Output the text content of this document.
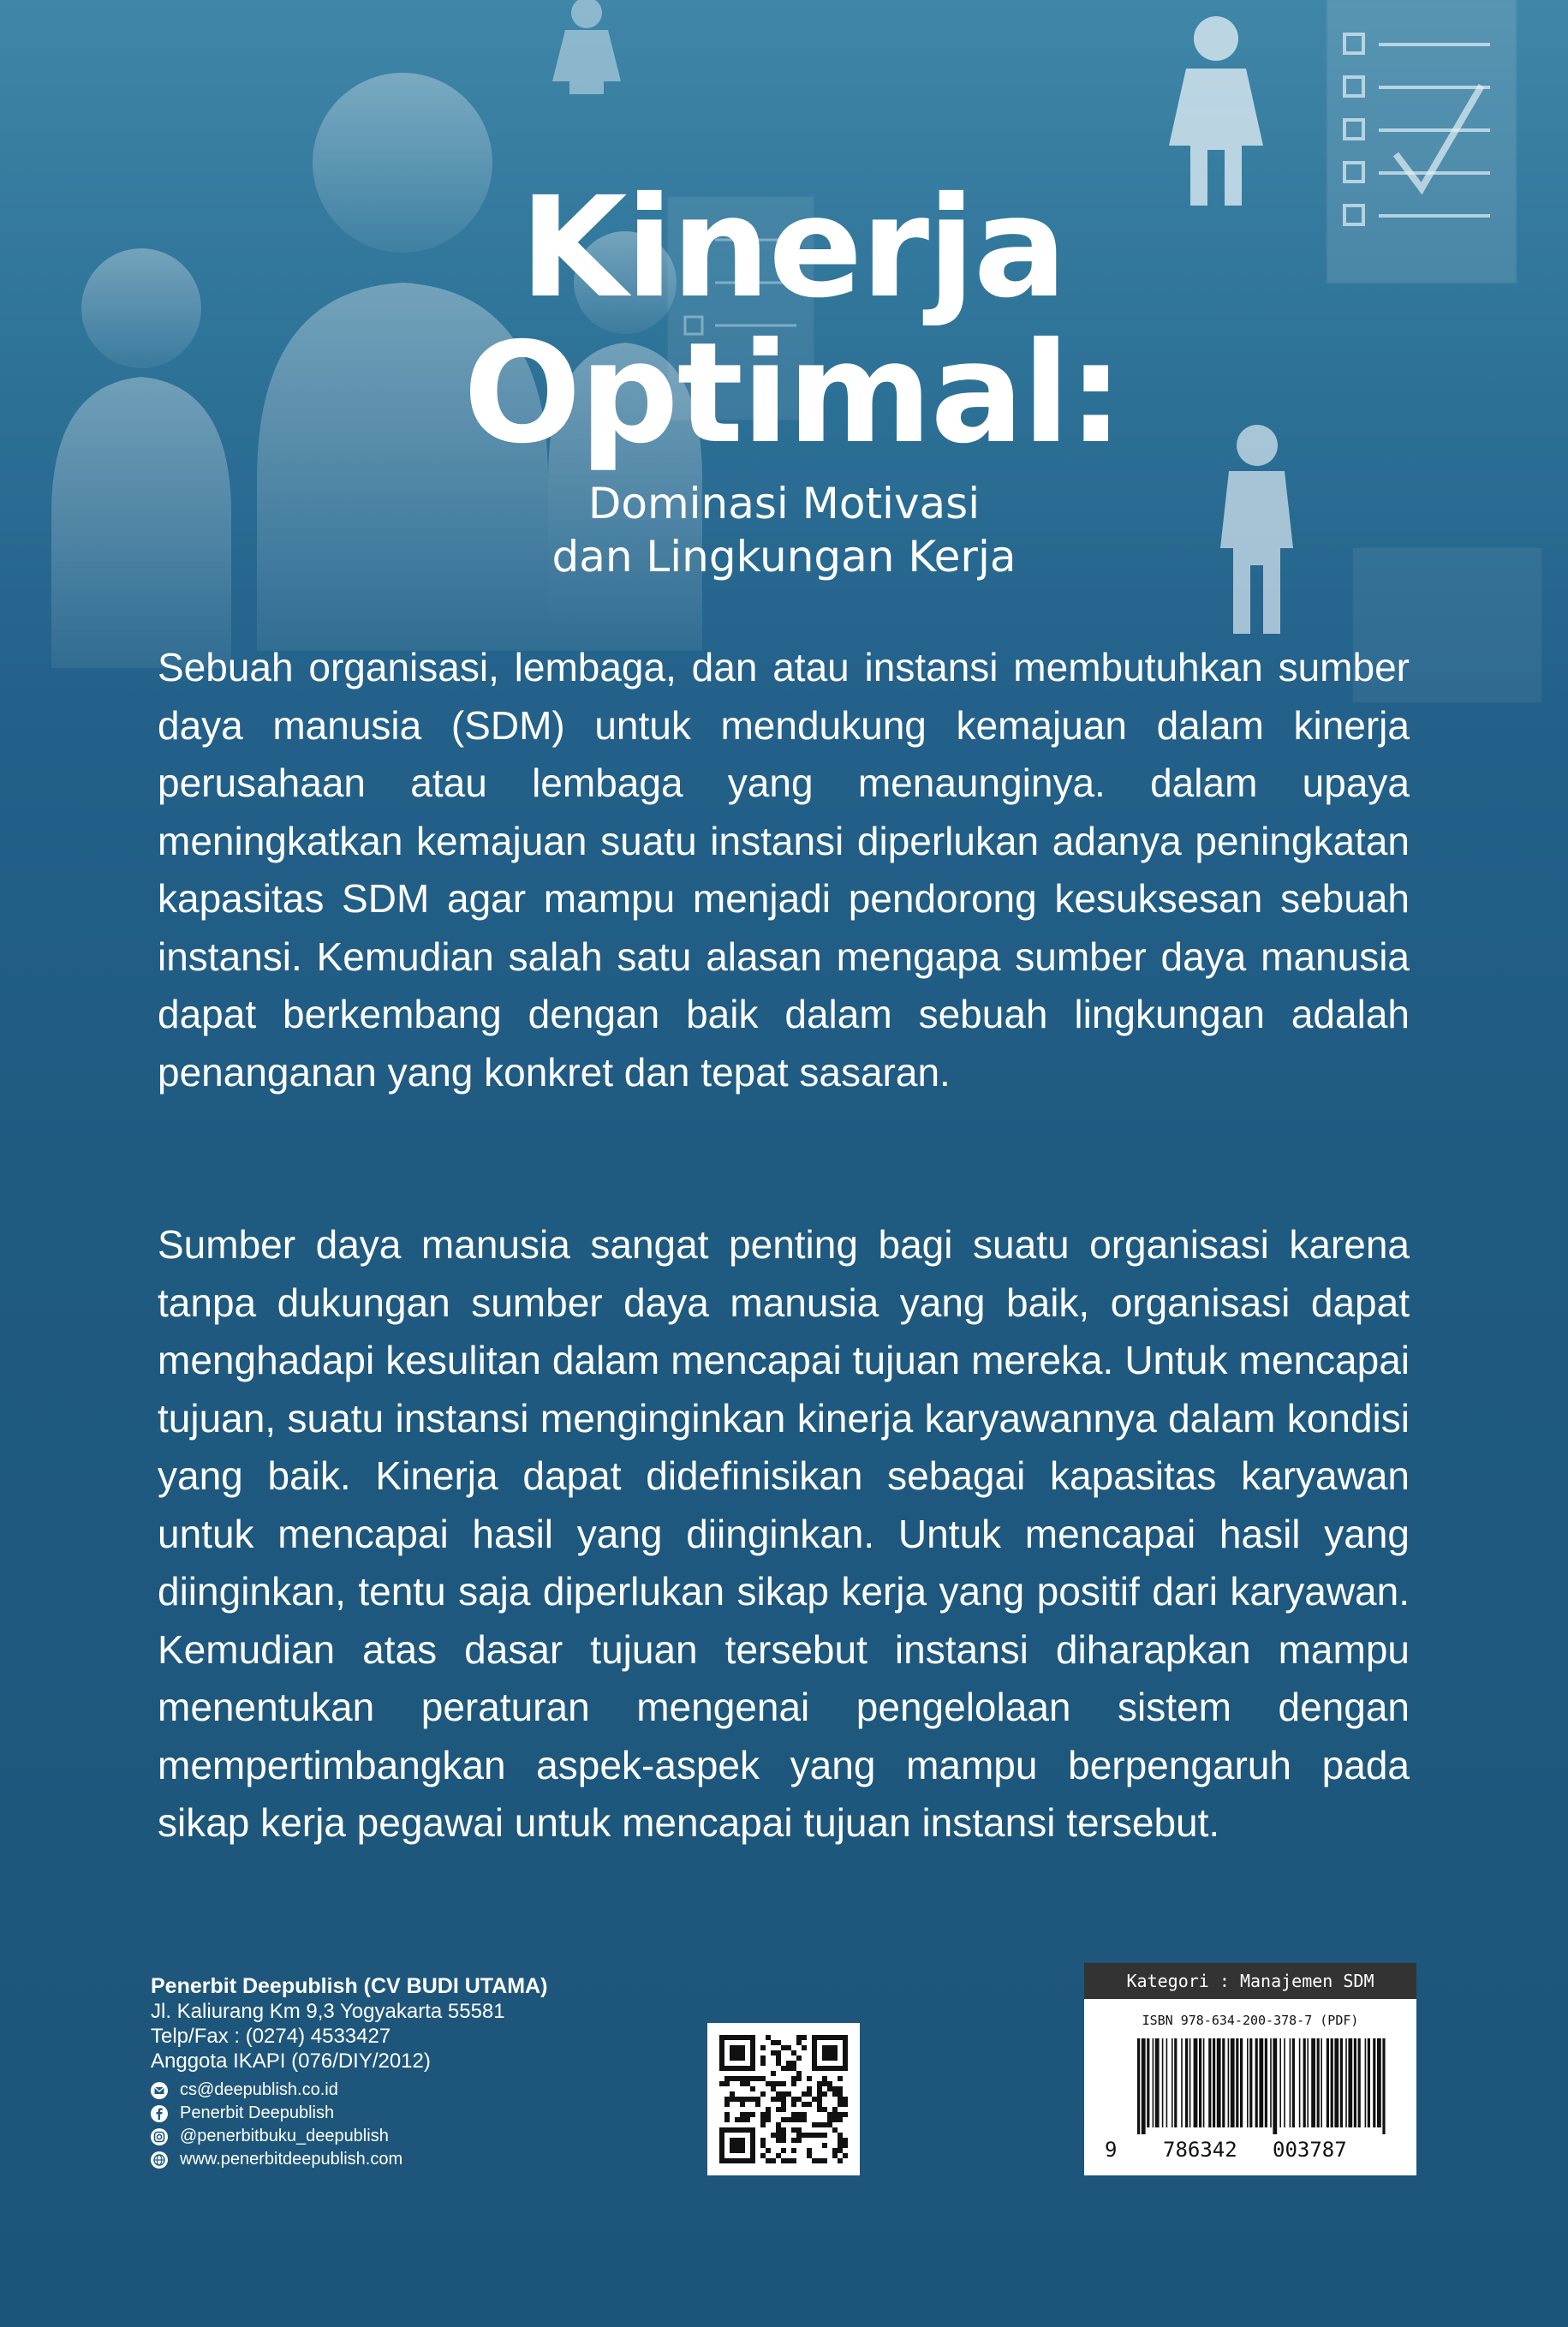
Kinerja
Optimal:
Dominasi Motivasi
dan Lingkungan Kerja

Sebuah organisasi, lembaga, dan atau instansi membutuhkan sumber daya manusia (SDM) untuk mendukung kemajuan dalam kinerja perusahaan atau lembaga yang menaunginya. dalam upaya meningkatkan kemajuan suatu instansi diperlukan adanya peningkatan kapasitas SDM agar mampu menjadi pendorong kesuksesan sebuah instansi. Kemudian salah satu alasan mengapa sumber daya manusia dapat berkembang dengan baik dalam sebuah lingkungan adalah penanganan yang konkret dan tepat sasaran.

Sumber daya manusia sangat penting bagi suatu organisasi karena tanpa dukungan sumber daya manusia yang baik, organisasi dapat menghadapi kesulitan dalam mencapai tujuan mereka. Untuk mencapai tujuan, suatu instansi menginginkan kinerja karyawannya dalam kondisi yang baik. Kinerja dapat didefinisikan sebagai kapasitas karyawan untuk mencapai hasil yang diinginkan. Untuk mencapai hasil yang diinginkan, tentu saja diperlukan sikap kerja yang positif dari karyawan. Kemudian atas dasar tujuan tersebut instansi diharapkan mampu menentukan peraturan mengenai pengelolaan sistem dengan mempertimbangkan aspek-aspek yang mampu berpengaruh pada sikap kerja pegawai untuk mencapai tujuan instansi tersebut.

Penerbit Deepublish (CV BUDI UTAMA)
Jl. Kaliurang Km 9,3 Yogyakarta 55581
Telp/Fax : (0274) 4533427
Anggota IKAPI (076/DIY/2012)
cs@deepublish.co.id
Penerbit Deepublish
@penerbitbuku_deepublish
www.penerbitdeepublish.com
Kategori : Manajemen SDM
ISBN 978-634-200-378-7 (PDF)
9 786342 003787
